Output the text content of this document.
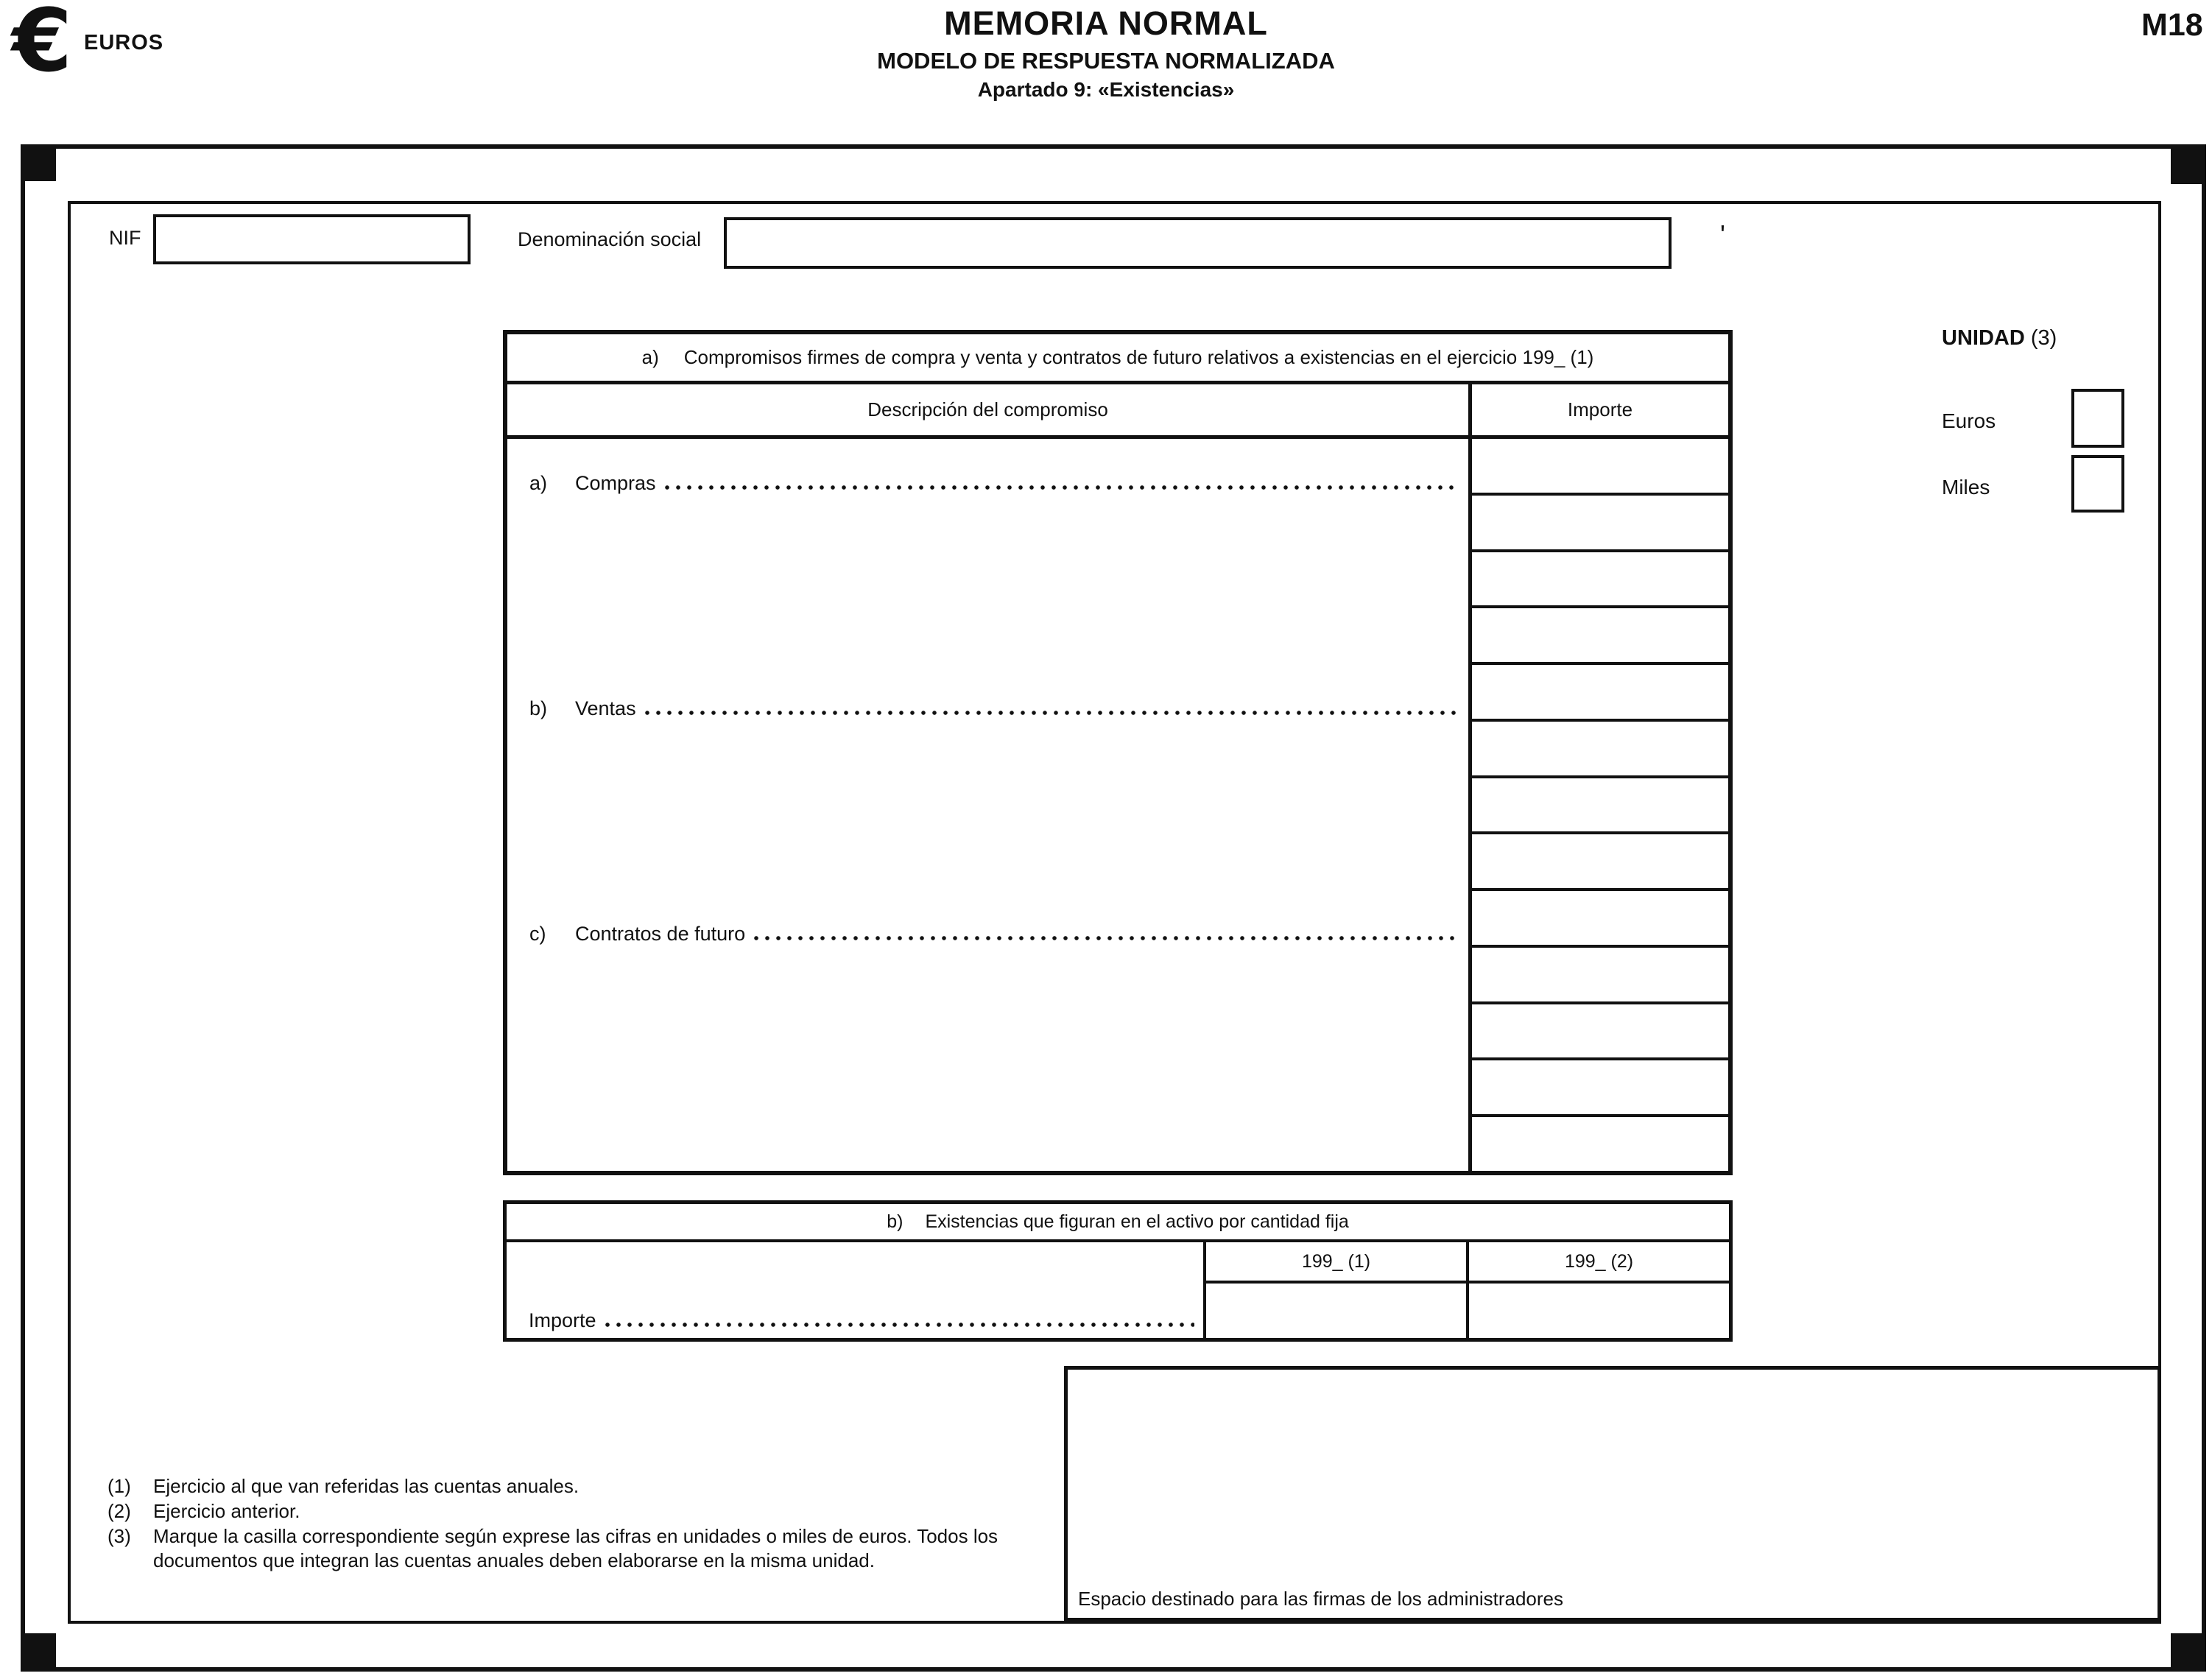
€ EUROS
MEMORIA NORMAL
MODELO DE RESPUESTA NORMALIZADA
Apartado 9: «Existencias»
M18
NIF	Denominación social	'
UNIDAD (3)
Euros
Miles
a) Compromisos firmes de compra y venta y contratos de futuro relativos a existencias en el ejercicio 199_ (1)
Descripción del compromiso	Importe
a)	Compras
b)	Ventas
c)	Contratos de futuro
b) Existencias que figuran en el activo por cantidad fija
Importe
199_ (1)	199_ (2)
Espacio destinado para las firmas de los administradores
(1)	Ejercicio al que van referidas las cuentas anuales.
(2)	Ejercicio anterior.
(3)	Marque la casilla correspondiente según exprese las cifras en unidades o miles de euros. Todos los documentos que integran las cuentas anuales deben elaborarse en la misma unidad.
